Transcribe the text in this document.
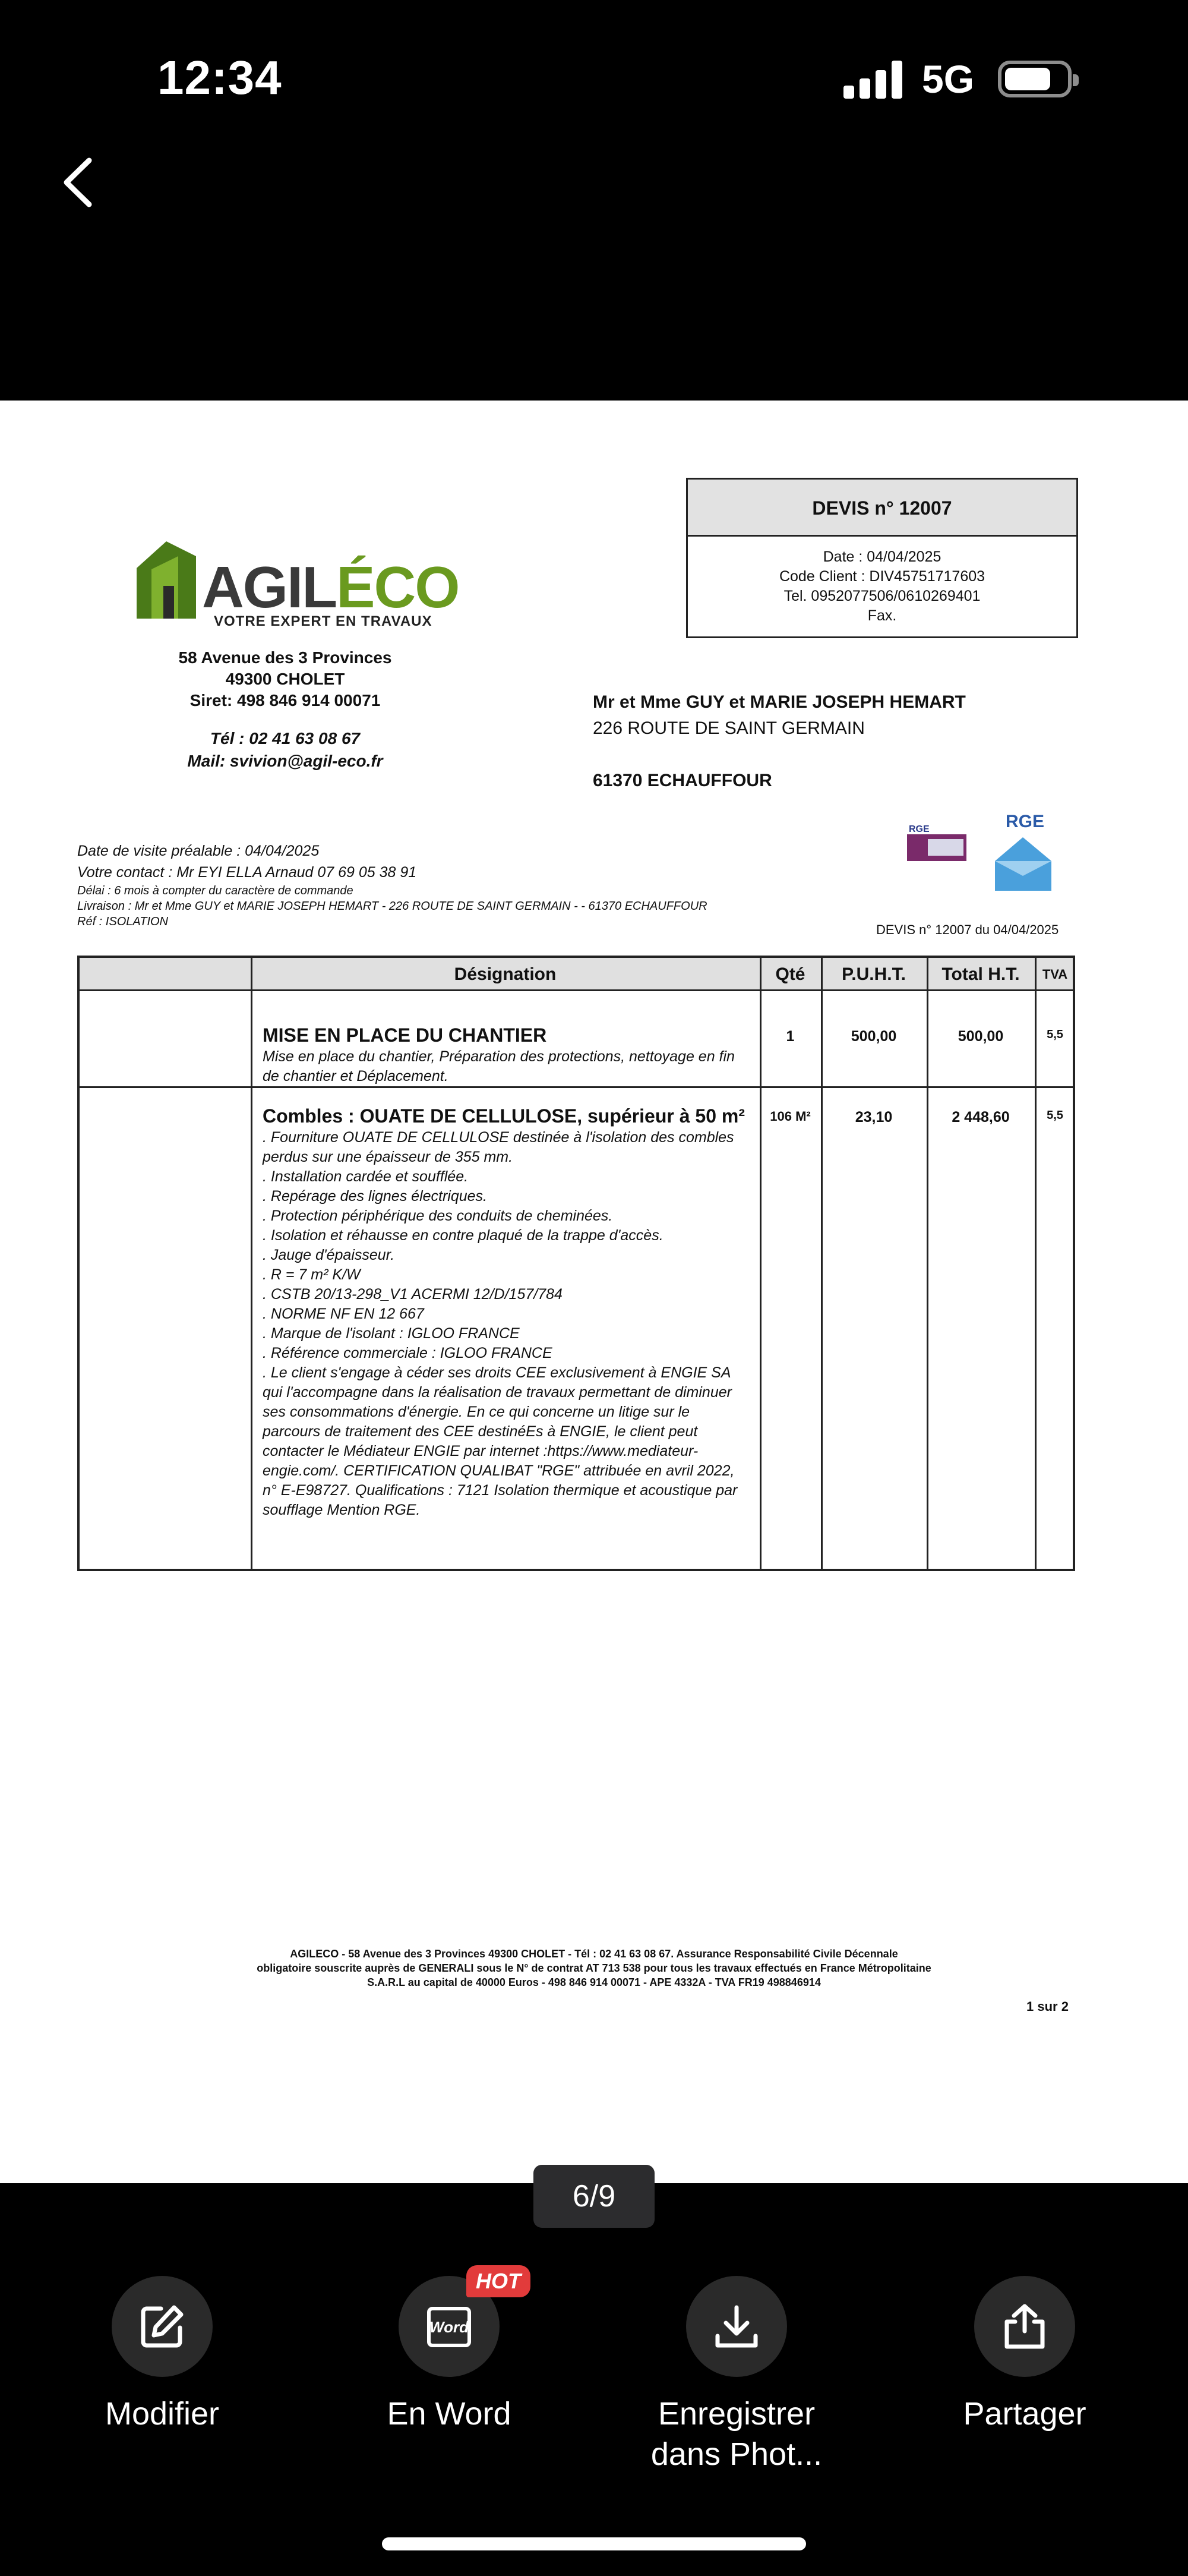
12:34	5G
AGILÉCO
VOTRE EXPERT EN TRAVAUX
58 Avenue des 3 Provinces
49300 CHOLET
Siret: 498 846 914 00071
Tél : 02 41 63 08 67
Mail: svivion@agil-eco.fr
DEVIS n° 12007
Date : 04/04/2025
Code Client : DIV45751717603
Tel. 0952077506/0610269401
Fax.
Mr et Mme GUY et MARIE JOSEPH HEMART
226 ROUTE DE SAINT GERMAIN
61370 ECHAUFFOUR
RGE	RGE
Date de visite préalable : 04/04/2025
Votre contact : Mr EYI ELLA Arnaud 07 69 05 38 91
Délai : 6 mois à compter du caractère de commande
Livraison : Mr et Mme GUY et MARIE JOSEPH HEMART - 226 ROUTE DE SAINT GERMAIN - - 61370 ECHAUFFOUR
Réf : ISOLATION
DEVIS n° 12007 du 04/04/2025
Désignation	Qté	P.U.H.T.	Total H.T.	TVA
MISE EN PLACE DU CHANTIER
Mise en place du chantier, Préparation des protections, nettoyage en fin de chantier et Déplacement.
1	500,00	500,00	5,5
Combles : OUATE DE CELLULOSE, supérieur à 50 m²
. Fourniture OUATE DE CELLULOSE destinée à l'isolation des combles perdus sur une épaisseur de 355 mm.
. Installation cardée et soufflée.
. Repérage des lignes électriques.
. Protection périphérique des conduits de cheminées.
. Isolation et réhausse en contre plaqué de la trappe d'accès.
. Jauge d'épaisseur.
. R = 7 m² K/W
. CSTB 20/13-298_V1 ACERMI 12/D/157/784
. NORME NF EN 12 667
. Marque de l'isolant : IGLOO FRANCE
. Référence commerciale : IGLOO FRANCE
. Le client s'engage à céder ses droits CEE exclusivement à ENGIE SA qui l'accompagne dans la réalisation de travaux permettant de diminuer ses consommations d'énergie. En ce qui concerne un litige sur le parcours de traitement des CEE destinéEs à ENGIE, le client peut contacter le Médiateur ENGIE par internet :https://www.mediateur-engie.com/. CERTIFICATION QUALIBAT "RGE" attribuée en avril 2022, n° E-E98727. Qualifications : 7121 Isolation thermique et acoustique par soufflage Mention RGE.
106 M²	23,10	2 448,60	5,5
AGILECO - 58 Avenue des 3 Provinces 49300 CHOLET - Tél : 02 41 63 08 67. Assurance Responsabilité Civile Décennale
obligatoire souscrite auprès de GENERALI sous le N° de contrat AT 713 538 pour tous les travaux effectués en France Métropolitaine
S.A.R.L au capital de 40000 Euros - 498 846 914 00071 - APE 4332A - TVA FR19 498846914
1 sur 2
6/9
Modifier
Word
HOT
En Word	Enregistrer dans Phot...
Partager
